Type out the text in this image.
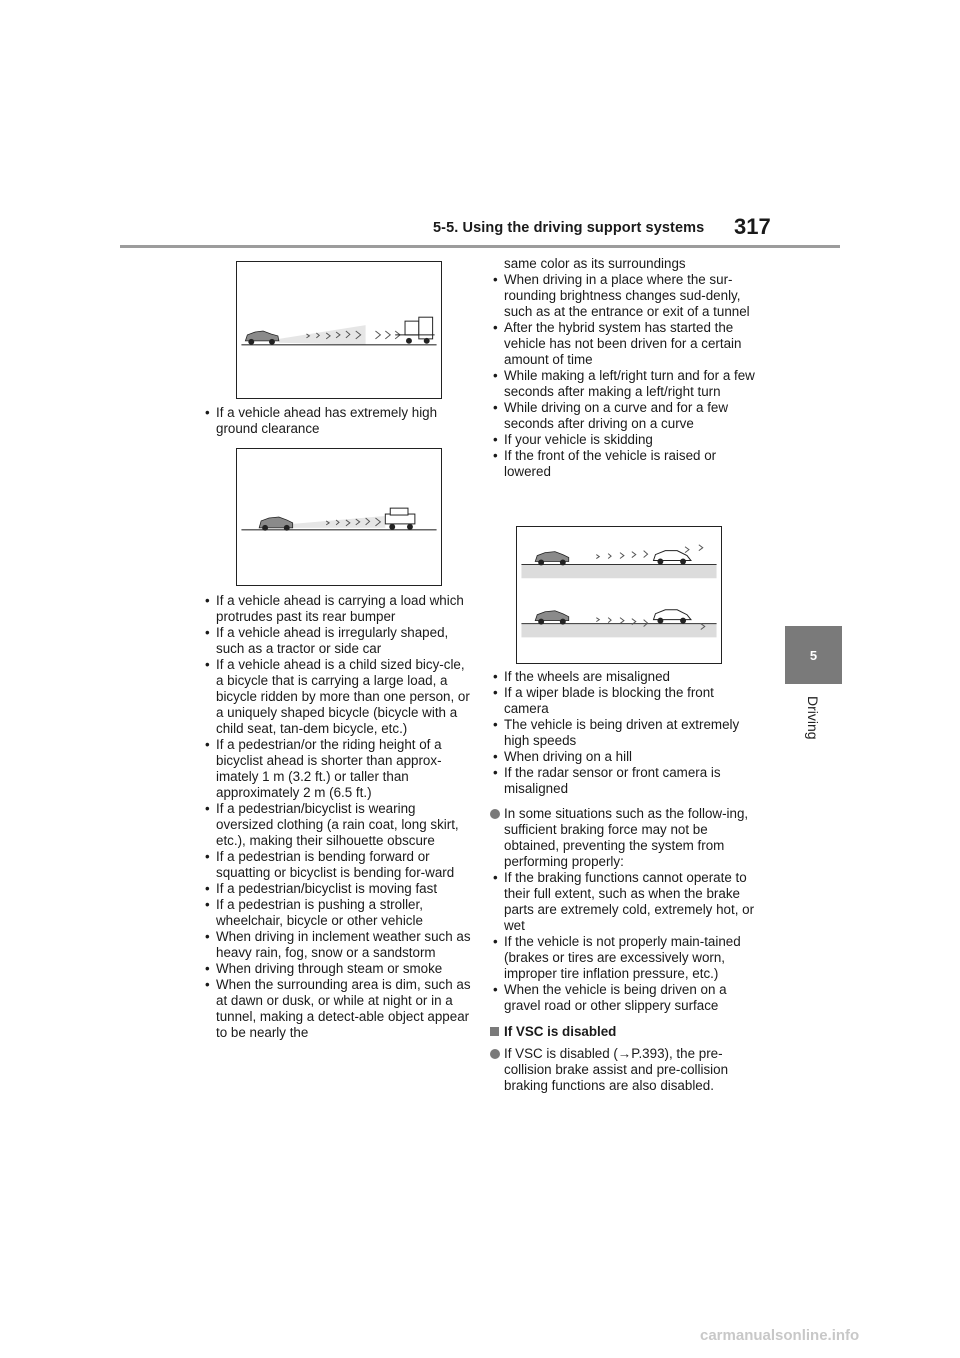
5-5. Using the driving support systems 317
5
Driving
• If a vehicle ahead has extremely high ground clearance
• If a vehicle ahead is carrying a load which protrudes past its rear bumper
• If a vehicle ahead is irregularly shaped, such as a tractor or side car
• If a vehicle ahead is a child sized bicy-cle, a bicycle that is carrying a large load, a bicycle ridden by more than one person, or a uniquely shaped bicycle (bicycle with a child seat, tan-dem bicycle, etc.)
• If a pedestrian/or the riding height of a bicyclist ahead is shorter than approx-imately 1 m (3.2 ft.) or taller than approximately 2 m (6.5 ft.)
• If a pedestrian/bicyclist is wearing oversized clothing (a rain coat, long skirt, etc.), making their silhouette obscure
• If a pedestrian is bending forward or squatting or bicyclist is bending for-ward
• If a pedestrian/bicyclist is moving fast
• If a pedestrian is pushing a stroller, wheelchair, bicycle or other vehicle
• When driving in inclement weather such as heavy rain, fog, snow or a sandstorm
• When driving through steam or smoke
• When the surrounding area is dim, such as at dawn or dusk, or while at night or in a tunnel, making a detect-able object appear to be nearly the
same color as its surroundings
• When driving in a place where the sur-rounding brightness changes sud-denly, such as at the entrance or exit of a tunnel
• After the hybrid system has started the vehicle has not been driven for a certain amount of time
• While making a left/right turn and for a few seconds after making a left/right turn
• While driving on a curve and for a few seconds after driving on a curve
• If your vehicle is skidding
• If the front of the vehicle is raised or lowered
• If the wheels are misaligned
• If a wiper blade is blocking the front camera
• The vehicle is being driven at extremely high speeds
• When driving on a hill
• If the radar sensor or front camera is misaligned
In some situations such as the follow-ing, sufficient braking force may not be obtained, preventing the system from performing properly:
• If the braking functions cannot operate to their full extent, such as when the brake parts are extremely cold, extremely hot, or wet
• If the vehicle is not properly main-tained (brakes or tires are excessively worn, improper tire inflation pressure, etc.)
• When the vehicle is being driven on a gravel road or other slippery surface
If VSC is disabled
If VSC is disabled (→P.393), the pre-collision brake assist and pre-collision braking functions are also disabled.
carmanualsonline.info
